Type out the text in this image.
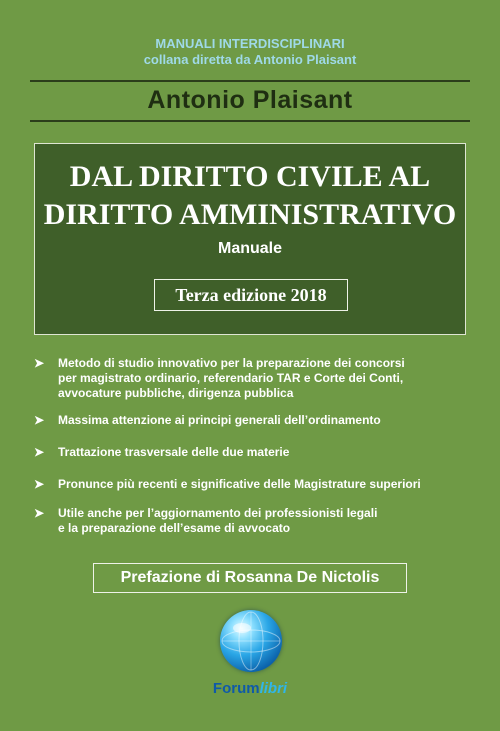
MANUALI INTERDISCIPLINARI
collana diretta da Antonio Plaisant
Antonio Plaisant
DAL DIRITTO CIVILE AL
DIRITTO AMMINISTRATIVO
Manuale
Terza edizione 2018
➤ Metodo di studio innovativo per la preparazione dei concorsi
per magistrato ordinario, referendario TAR e Corte dei Conti,
avvocature pubbliche, dirigenza pubblica
➤ Massima attenzione ai principi generali dell’ordinamento
➤ Trattazione trasversale delle due materie
➤ Pronunce più recenti e significative delle Magistrature superiori
➤ Utile anche per l’aggiornamento dei professionisti legali
e la preparazione dell’esame di avvocato
Prefazione di Rosanna De Nictolis
Forumlibri
